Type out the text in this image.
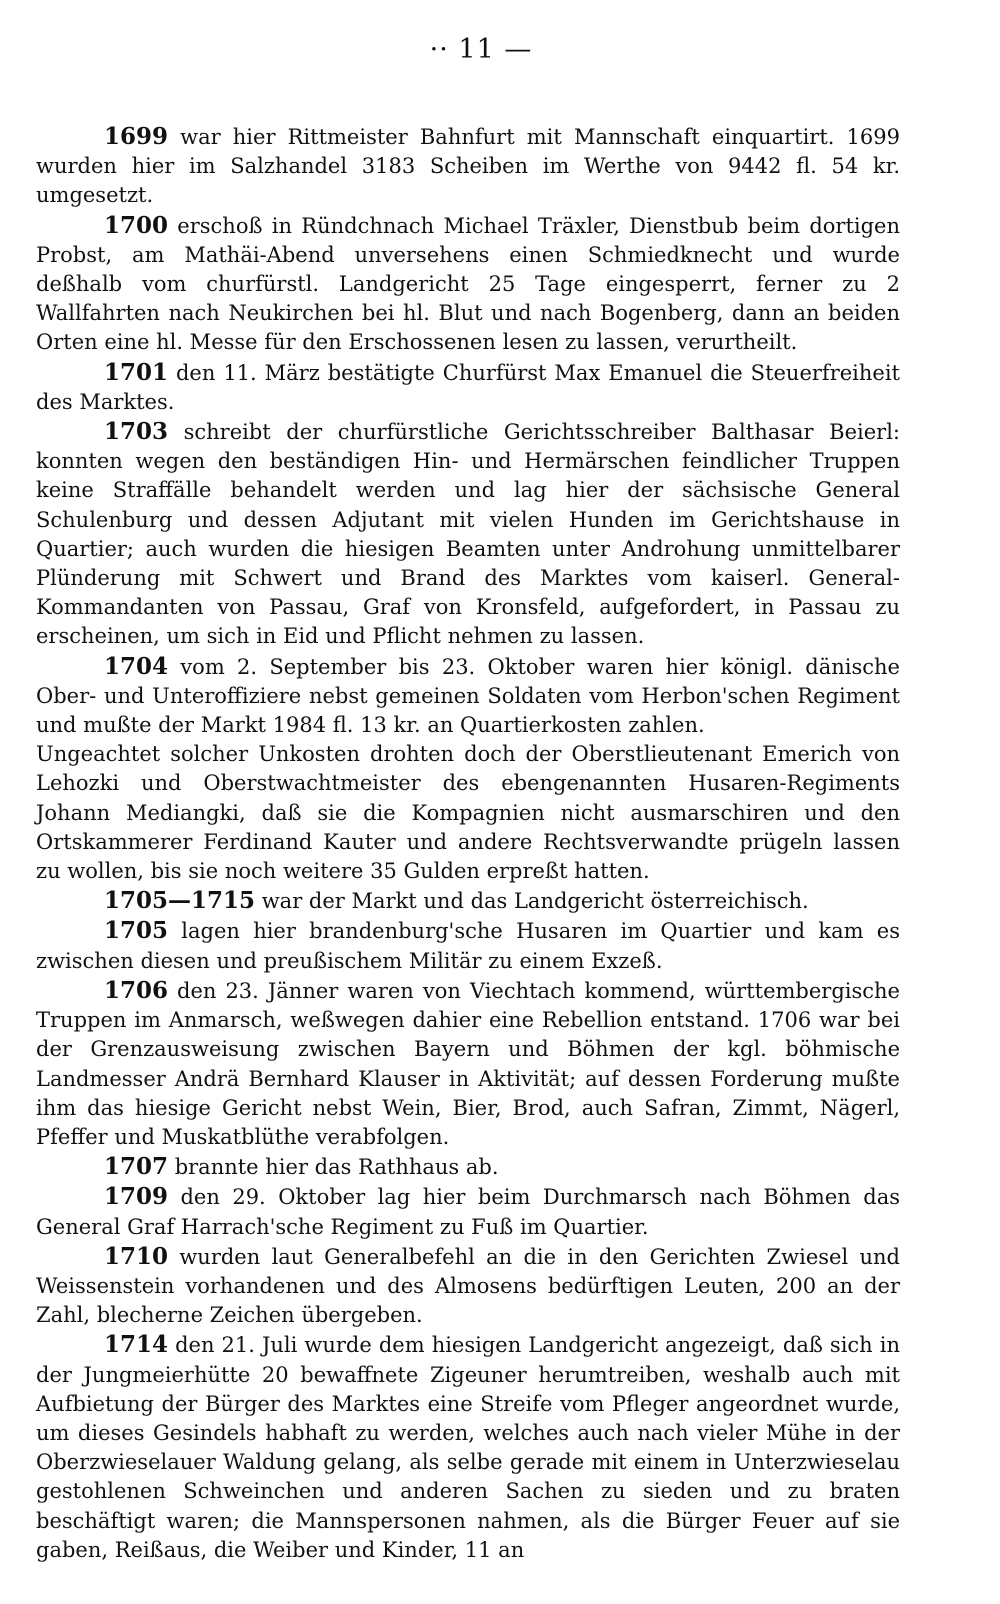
·· 11 —

1699 war hier Rittmeister Bahnfurt mit Mannschaft einquartirt. 1699 wurden hier im Salzhandel 3183 Scheiben im Werthe von 9442 fl. 54 kr. umgesetzt.

1700 erschoß in Ründchnach Michael Träxler, Dienstbub beim dortigen Probst, am Mathäi-Abend unversehens einen Schmiedknecht und wurde deßhalb vom churfürstl. Landgericht 25 Tage eingesperrt, ferner zu 2 Wallfahrten nach Neukirchen bei hl. Blut und nach Bogenberg, dann an beiden Orten eine hl. Messe für den Erschossenen lesen zu lassen, verurtheilt.

1701 den 11. März bestätigte Churfürst Max Emanuel die Steuerfreiheit des Marktes.

1703 schreibt der churfürstliche Gerichtsschreiber Balthasar Beierl: konnten wegen den beständigen Hin- und Hermärschen feindlicher Truppen keine Straffälle behandelt werden und lag hier der sächsische General Schulenburg und dessen Adjutant mit vielen Hunden im Gerichtshause in Quartier; auch wurden die hiesigen Beamten unter Androhung unmittelbarer Plünderung mit Schwert und Brand des Marktes vom kaiserl. General-Kommandanten von Passau, Graf von Kronsfeld, aufgefordert, in Passau zu erscheinen, um sich in Eid und Pflicht nehmen zu lassen.

1704 vom 2. September bis 23. Oktober waren hier königl. dänische Ober- und Unteroffiziere nebst gemeinen Soldaten vom Herbon'schen Regiment und mußte der Markt 1984 fl. 13 kr. an Quartierkosten zahlen.

Ungeachtet solcher Unkosten drohten doch der Oberstlieutenant Emerich von Lehozki und Oberstwachtmeister des ebengenannten Husaren-Regiments Johann Mediangki, daß sie die Kompagnien nicht ausmarschiren und den Ortskammerer Ferdinand Kauter und andere Rechtsverwandte prügeln lassen zu wollen, bis sie noch weitere 35 Gulden erpreßt hatten.

1705—1715 war der Markt und das Landgericht österreichisch.

1705 lagen hier brandenburg'sche Husaren im Quartier und kam es zwischen diesen und preußischem Militär zu einem Exzeß.

1706 den 23. Jänner waren von Viechtach kommend, württembergische Truppen im Anmarsch, weßwegen dahier eine Rebellion entstand. 1706 war bei der Grenzausweisung zwischen Bayern und Böhmen der kgl. böhmische Landmesser Andrä Bernhard Klauser in Aktivität; auf dessen Forderung mußte ihm das hiesige Gericht nebst Wein, Bier, Brod, auch Safran, Zimmt, Nägerl, Pfeffer und Muskatblüthe verabfolgen.

1707 brannte hier das Rathhaus ab.

1709 den 29. Oktober lag hier beim Durchmarsch nach Böhmen das General Graf Harrach'sche Regiment zu Fuß im Quartier.

1710 wurden laut Generalbefehl an die in den Gerichten Zwiesel und Weissenstein vorhandenen und des Almosens bedürftigen Leuten, 200 an der Zahl, blecherne Zeichen übergeben.

1714 den 21. Juli wurde dem hiesigen Landgericht angezeigt, daß sich in der Jungmeierhütte 20 bewaffnete Zigeuner herumtreiben, weshalb auch mit Aufbietung der Bürger des Marktes eine Streife vom Pfleger angeordnet wurde, um dieses Gesindels habhaft zu werden, welches auch nach vieler Mühe in der Oberzwieselauer Waldung gelang, als selbe gerade mit einem in Unterzwieselau gestohlenen Schweinchen und anderen Sachen zu sieden und zu braten beschäftigt waren; die Mannspersonen nahmen, als die Bürger Feuer auf sie gaben, Reißaus, die Weiber und Kinder, 11 an
